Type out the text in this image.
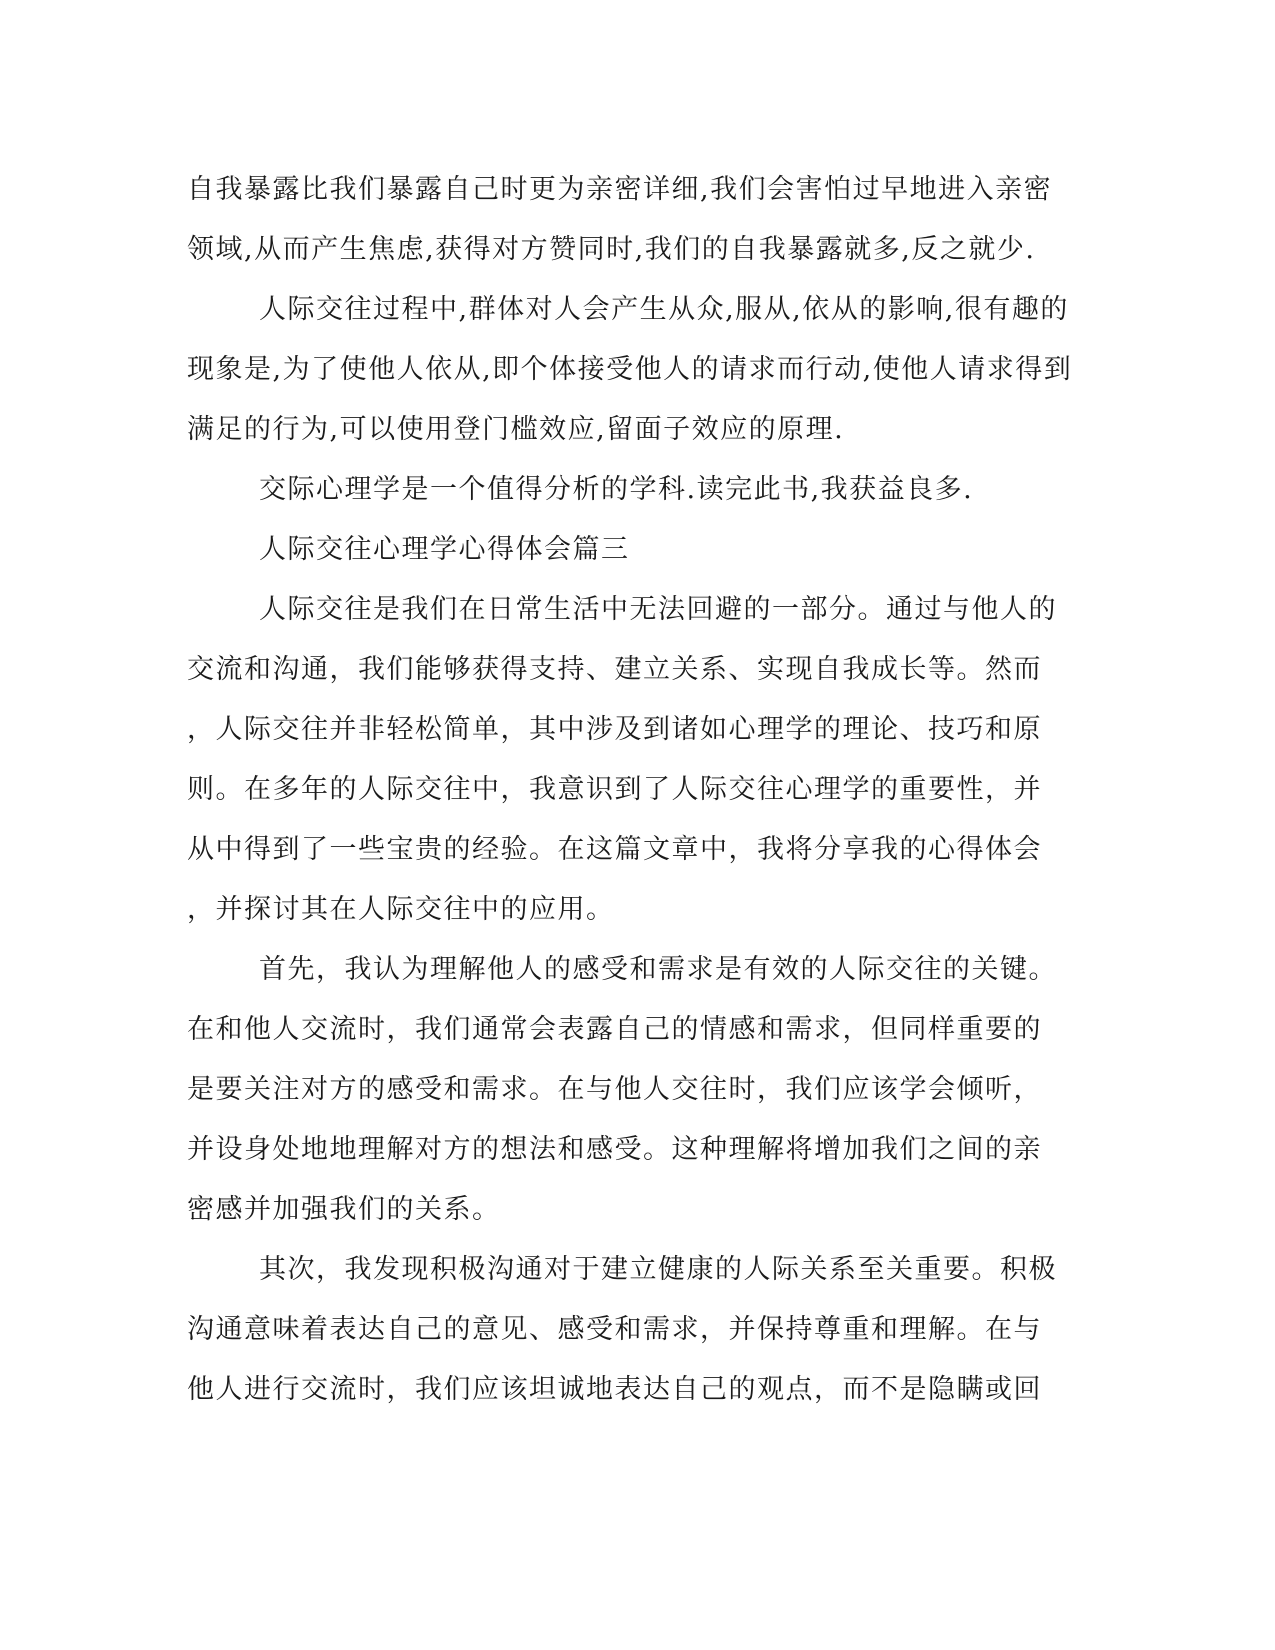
自我暴露比我们暴露自己时更为亲密详细,我们会害怕过早地进入亲密
领域,从而产生焦虑,获得对方赞同时,我们的自我暴露就多,反之就少.
人际交往过程中,群体对人会产生从众,服从,依从的影响,很有趣的
现象是,为了使他人依从,即个体接受他人的请求而行动,使他人请求得到
满足的行为,可以使用登门槛效应,留面子效应的原理.
交际心理学是一个值得分析的学科.读完此书,我获益良多.
人际交往心理学心得体会篇三
人际交往是我们在日常生活中无法回避的一部分。通过与他人的
交流和沟通，我们能够获得支持、建立关系、实现自我成长等。然而
，人际交往并非轻松简单，其中涉及到诸如心理学的理论、技巧和原
则。在多年的人际交往中，我意识到了人际交往心理学的重要性，并
从中得到了一些宝贵的经验。在这篇文章中，我将分享我的心得体会
，并探讨其在人际交往中的应用。
首先，我认为理解他人的感受和需求是有效的人际交往的关键。
在和他人交流时，我们通常会表露自己的情感和需求，但同样重要的
是要关注对方的感受和需求。在与他人交往时，我们应该学会倾听，
并设身处地地理解对方的想法和感受。这种理解将增加我们之间的亲
密感并加强我们的关系。
其次，我发现积极沟通对于建立健康的人际关系至关重要。积极
沟通意味着表达自己的意见、感受和需求，并保持尊重和理解。在与
他人进行交流时，我们应该坦诚地表达自己的观点，而不是隐瞒或回
